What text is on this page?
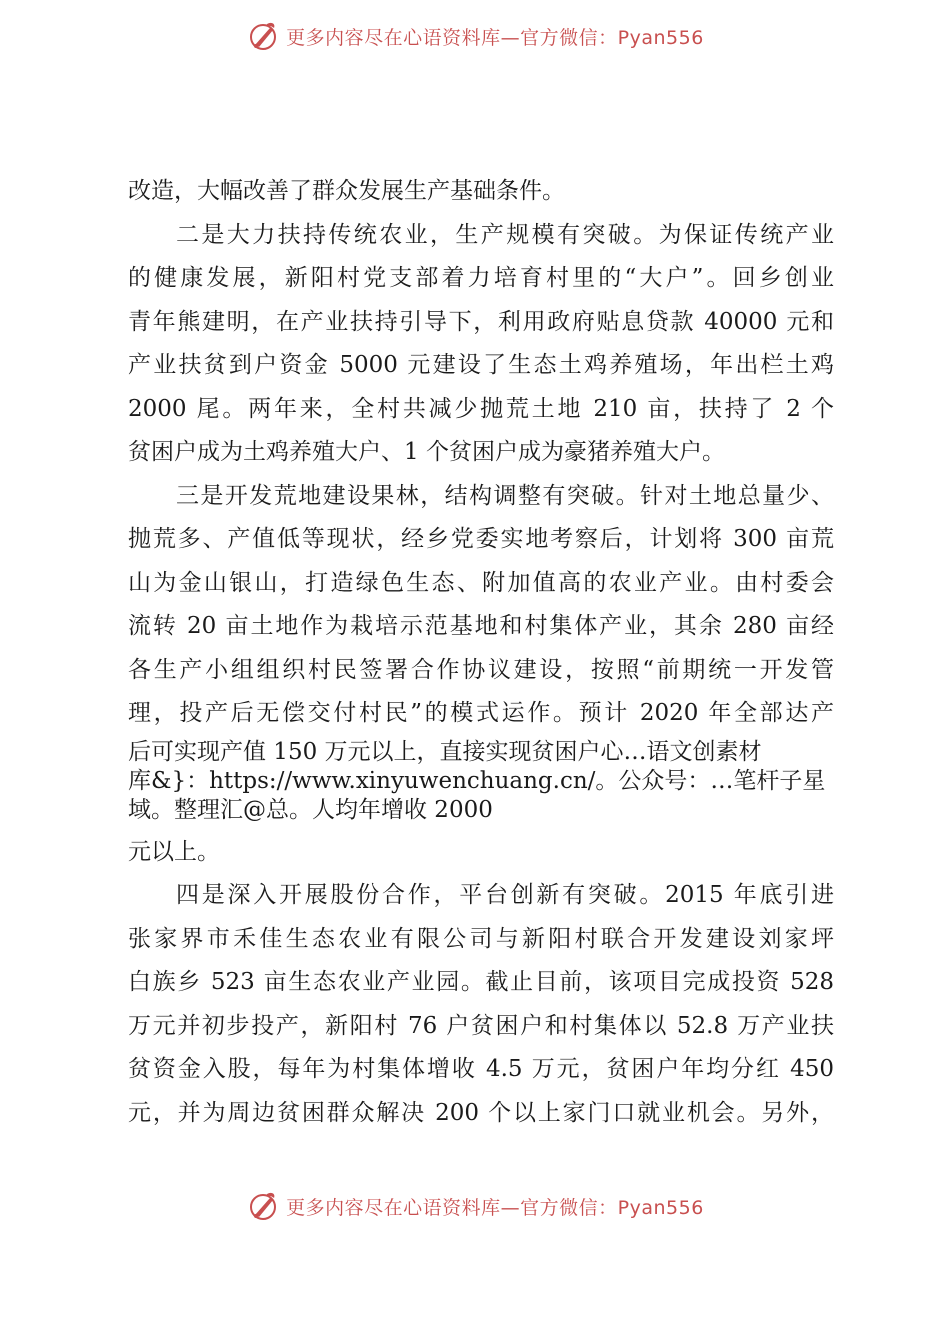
更多内容尽在心语资料库—官方微信：Pyan556
改造，大幅改善了群众发展生产基础条件。
二是大力扶持传统农业，生产规模有突破。为保证传统产业
的健康发展，新阳村党支部着力培育村里的“大户”。回乡创业
青年熊建明，在产业扶持引导下，利用政府贴息贷款 40000 元和
产业扶贫到户资金 5000 元建设了生态土鸡养殖场，年出栏土鸡
2000 尾。两年来，全村共减少抛荒土地 210 亩，扶持了 2 个
贫困户成为土鸡养殖大户、1 个贫困户成为豪猪养殖大户。
三是开发荒地建设果林，结构调整有突破。针对土地总量少、
抛荒多、产值低等现状，经乡党委实地考察后，计划将 300 亩荒
山为金山银山，打造绿色生态、附加值高的农业产业。由村委会
流转 20 亩土地作为栽培示范基地和村集体产业，其余 280 亩经
各生产小组组织村民签署合作协议建设，按照“前期统一开发管
理，投产后无偿交付村民”的模式运作。预计 2020 年全部达产
后可实现产值 150 万元以上，直接实现贫困户心…语文创素材
库&}：https://www.xinyuwenchuang.cn/。公众号：…笔杆子星
域。整理汇@总。人均年增收 2000
元以上。
四是深入开展股份合作，平台创新有突破。2015 年底引进
张家界市禾佳生态农业有限公司与新阳村联合开发建设刘家坪
白族乡 523 亩生态农业产业园。截止目前，该项目完成投资 528
万元并初步投产，新阳村 76 户贫困户和村集体以 52.8 万产业扶
贫资金入股，每年为村集体增收 4.5 万元，贫困户年均分红 450
元，并为周边贫困群众解决 200 个以上家门口就业机会。另外，
更多内容尽在心语资料库—官方微信：Pyan556
